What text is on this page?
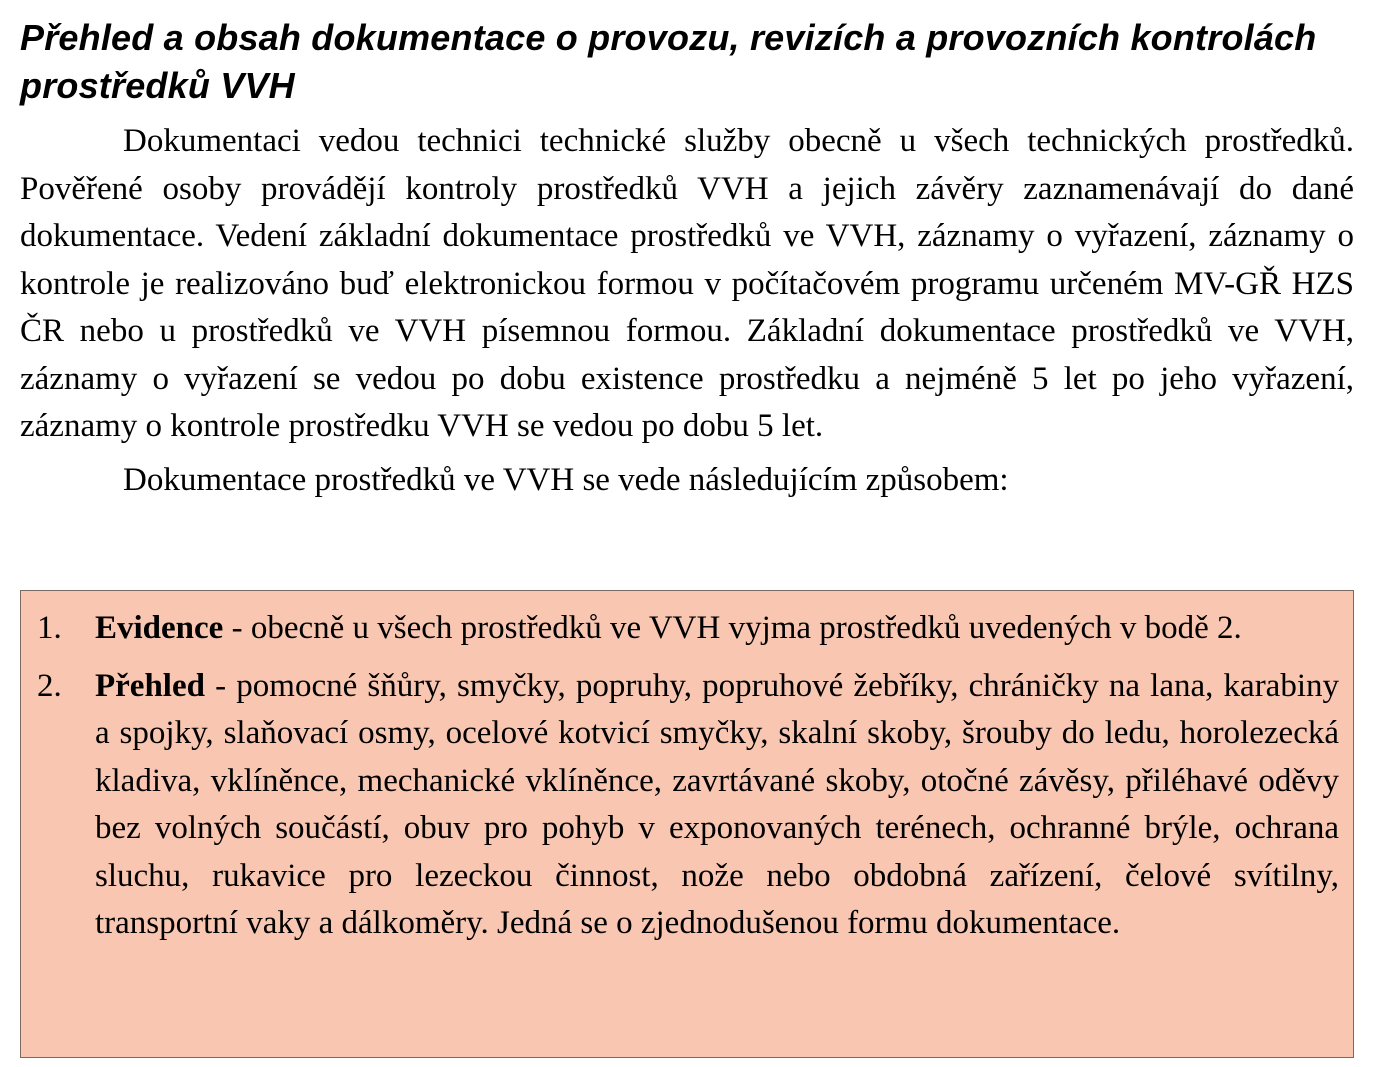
Přehled a obsah dokumentace o provozu, revizích a provozních kontrolách prostředků VVH

Dokumentaci vedou technici technické služby obecně u všech technických prostředků. Pověřené osoby provádějí kontroly prostředků VVH a jejich závěry zaznamenávají do dané dokumentace. Vedení základní dokumentace prostředků ve VVH, záznamy o vyřazení, záznamy o kontrole je realizováno buď elektronickou formou v počítačovém programu určeném MV-GŘ HZS ČR nebo u prostředků ve VVH písemnou formou. Základní dokumentace prostředků ve VVH, záznamy o vyřazení se vedou po dobu existence prostředku a nejméně 5 let po jeho vyřazení, záznamy o kontrole prostředku VVH se vedou po dobu 5 let.

Dokumentace prostředků ve VVH se vede následujícím způsobem:

1.	Evidence - obecně u všech prostředků ve VVH vyjma prostředků uvedených v bodě 2.
2.	Přehled - pomocné šňůry, smyčky, popruhy, popruhové žebříky, chráničky na lana, karabiny a spojky, slaňovací osmy, ocelové kotvicí smyčky, skalní skoby, šrouby do ledu, horolezecká kladiva, vklíněnce, mechanické vklíněnce, zavrtávané skoby, otočné závěsy, přiléhavé oděvy bez volných součástí, obuv pro pohyb v exponovaných terénech, ochranné brýle, ochrana sluchu, rukavice pro lezeckou činnost, nože nebo obdobná zařízení, čelové svítilny, transportní vaky a dálkoměry. Jedná se o zjednodušenou formu dokumentace.
